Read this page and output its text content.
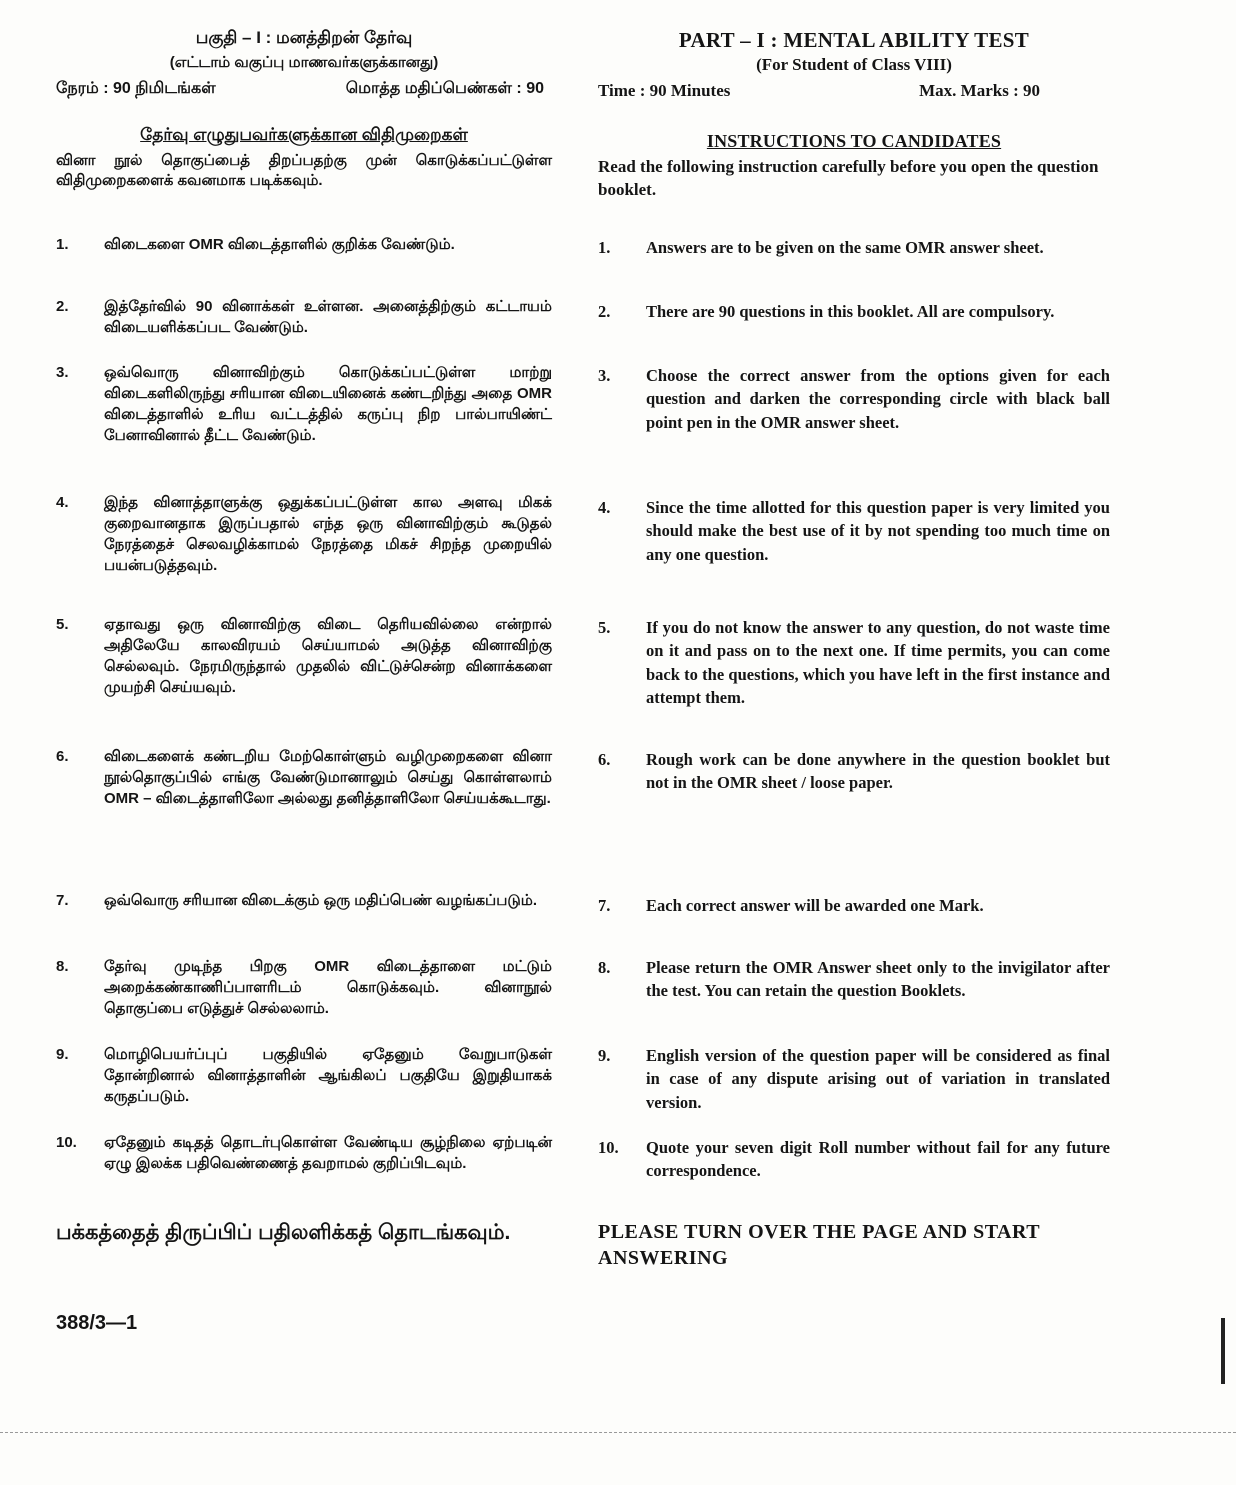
பகுதி – I : மனத்திறன் தேர்வு

(எட்டாம் வகுப்பு மாணவர்களுக்கானது)

நேரம் : 90 நிமிடங்கள்	மொத்த மதிப்பெண்கள் : 90
தேர்வு எழுதுபவர்களுக்கான விதிமுறைகள்
வினா நூல் தொகுப்பைத் திறப்பதற்கு முன் கொடுக்கப்பட்டுள்ள விதிமுறைகளைக் கவனமாக படிக்கவும்.
1.	விடைகளை OMR விடைத்தாளில் குறிக்க வேண்டும்.
2.	இத்தேர்வில் 90 வினாக்கள் உள்ளன. அனைத்திற்கும் கட்டாயம் விடையளிக்கப்பட வேண்டும்.
3.	ஒவ்வொரு வினாவிற்கும் கொடுக்கப்பட்டுள்ள மாற்று விடைகளிலிருந்து சரியான விடையினைக் கண்டறிந்து அதை OMR விடைத்தாளில் உரிய வட்டத்தில் கருப்பு நிற பால்பாயிண்ட் பேனாவினால் தீட்ட வேண்டும்.
4.	இந்த வினாத்தாளுக்கு ஒதுக்கப்பட்டுள்ள கால அளவு மிகக் குறைவானதாக இருப்பதால் எந்த ஒரு வினாவிற்கும் கூடுதல் நேரத்தைச் செலவழிக்காமல் நேரத்தை மிகச் சிறந்த முறையில் பயன்படுத்தவும்.
5.	ஏதாவது ஒரு வினாவிற்கு விடை தெரியவில்லை என்றால் அதிலேயே காலவிரயம் செய்யாமல் அடுத்த வினாவிற்கு செல்லவும். நேரமிருந்தால் முதலில் விட்டுச்சென்ற வினாக்களை முயற்சி செய்யவும்.
6.	விடைகளைக் கண்டறிய மேற்கொள்ளும் வழிமுறைகளை வினா நூல்தொகுப்பில் எங்கு வேண்டுமானாலும் செய்து கொள்ளலாம் OMR – விடைத்தாளிலோ அல்லது தனித்தாளிலோ செய்யக்கூடாது.
7.	ஒவ்வொரு சரியான விடைக்கும் ஒரு மதிப்பெண் வழங்கப்படும்.
8.	தேர்வு முடிந்த பிறகு OMR விடைத்தாளை மட்டும் அறைக்கண்காணிப்பாளரிடம் கொடுக்கவும். வினாநூல் தொகுப்பை எடுத்துச் செல்லலாம்.
9.	மொழிபெயர்ப்புப் பகுதியில் ஏதேனும் வேறுபாடுகள் தோன்றினால் வினாத்தாளின் ஆங்கிலப் பகுதியே இறுதியாகக் கருதப்படும்.
10.	ஏதேனும் கடிதத் தொடர்புகொள்ள வேண்டிய சூழ்நிலை ஏற்படின் ஏழு இலக்க பதிவெண்ணைத் தவறாமல் குறிப்பிடவும்.
பக்கத்தைத் திருப்பிப் பதிலளிக்கத் தொடங்கவும்.
388/3—1

PART – I : MENTAL ABILITY TEST

(For Student of Class VIII)

Time : 90 Minutes	Max. Marks : 90
INSTRUCTIONS TO CANDIDATES
Read the following instruction carefully before you open the question booklet.
1.	Answers are to be given on the same OMR answer sheet.
2.	There are 90 questions in this booklet. All are compulsory.
3.	Choose the correct answer from the options given for each question and darken the corresponding circle with black ball point pen in the OMR answer sheet.
4.	Since the time allotted for this question paper is very limited you should make the best use of it by not spending too much time on any one question.
5.	If you do not know the answer to any question, do not waste time on it and pass on to the next one. If time permits, you can come back to the questions, which you have left in the first instance and attempt them.
6.	Rough work can be done anywhere in the question booklet but not in the OMR sheet / loose paper.
7.	Each correct answer will be awarded one Mark.
8.	Please return the OMR Answer sheet only to the invigilator after the test. You can retain the question Booklets.
9.	English version of the question paper will be considered as final in case of any dispute arising out of variation in translated version.
10.	Quote your seven digit Roll number without fail for any future correspondence.
PLEASE TURN OVER THE PAGE AND START ANSWERING
